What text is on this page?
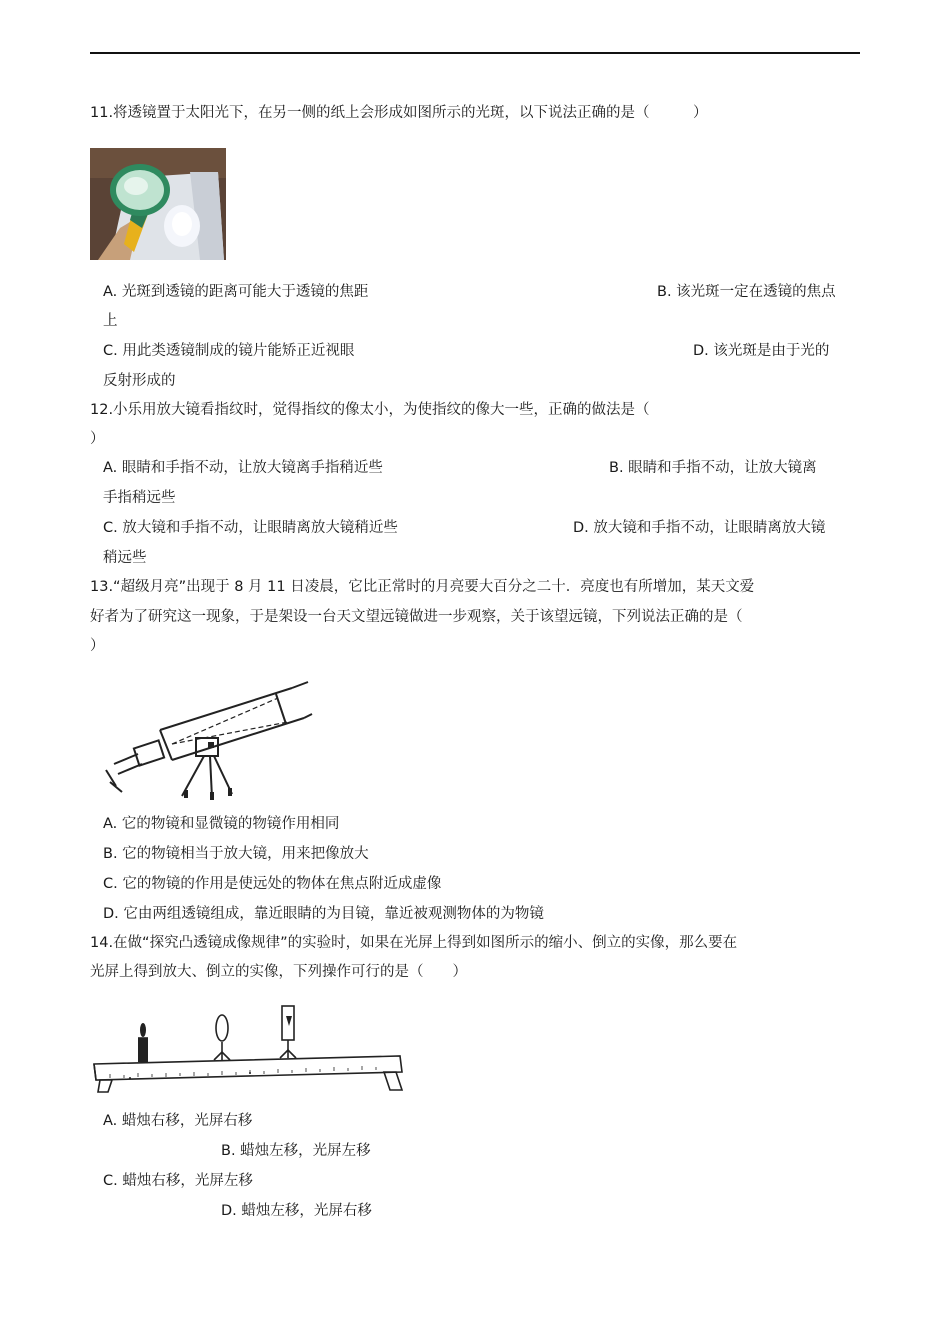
11.将透镜置于太阳光下，在另一侧的纸上会形成如图所示的光斑，以下说法正确的是（　　　）
A. 光斑到透镜的距离可能大于透镜的焦距	B. 该光斑一定在透镜的焦点
上
C. 用此类透镜制成的镜片能矫正近视眼	D. 该光斑是由于光的
反射形成的
12.小乐用放大镜看指纹时，觉得指纹的像太小，为使指纹的像大一些，正确的做法是（
）
A. 眼睛和手指不动，让放大镜离手指稍近些	B. 眼睛和手指不动，让放大镜离
手指稍远些
C. 放大镜和手指不动，让眼睛离放大镜稍近些	D. 放大镜和手指不动，让眼睛离放大镜
稍远些
13.“超级月亮”出现于 8 月 11 日凌晨，它比正常时的月亮要大百分之二十．亮度也有所增加，某天文爱
好者为了研究这一现象，于是架设一台天文望远镜做进一步观察，关于该望远镜，下列说法正确的是（
）
A. 它的物镜和显微镜的物镜作用相同
B. 它的物镜相当于放大镜，用来把像放大
C. 它的物镜的作用是使远处的物体在焦点附近成虚像
D. 它由两组透镜组成，靠近眼睛的为目镜，靠近被观测物体的为物镜
14.在做“探究凸透镜成像规律”的实验时，如果在光屏上得到如图所示的缩小、倒立的实像，那么要在
光屏上得到放大、倒立的实像，下列操作可行的是（　　）
A. 蜡烛右移，光屏右移
B. 蜡烛左移，光屏左移
C. 蜡烛右移，光屏左移
D. 蜡烛左移，光屏右移
